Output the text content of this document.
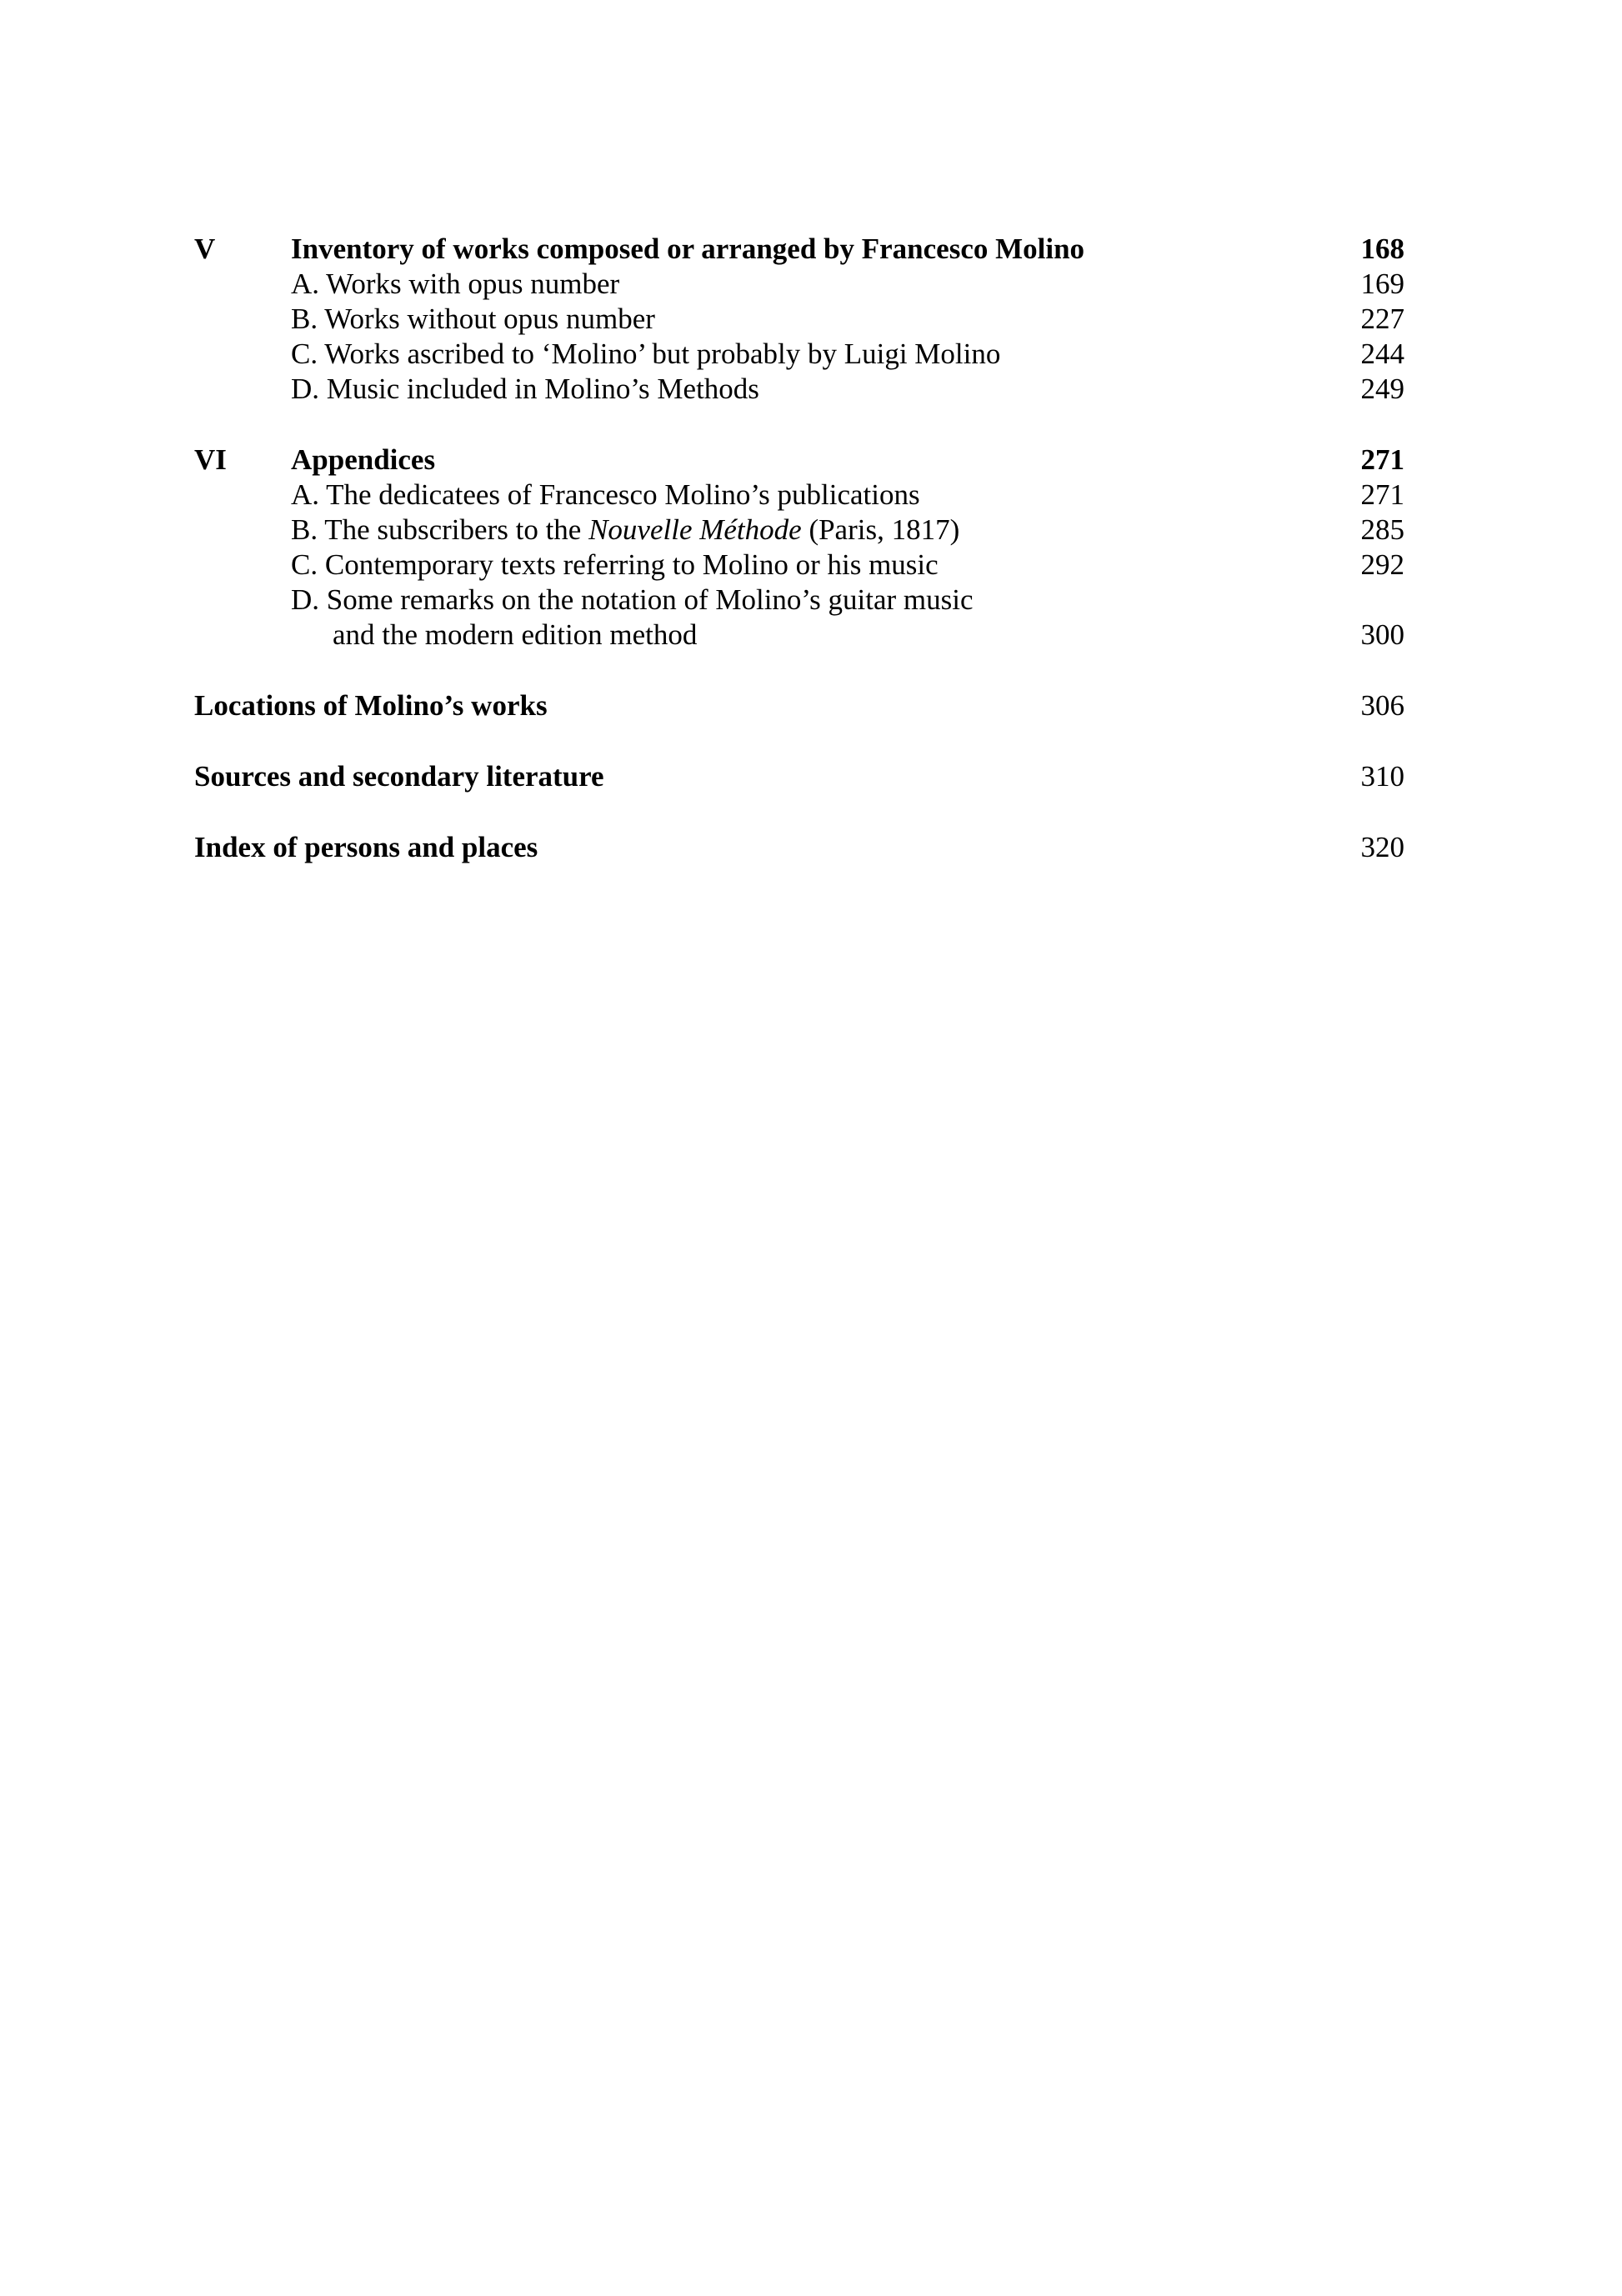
V	Inventory of works composed or arranged by Francesco Molino	168
A. Works with opus number	169
B. Works without opus number	227
C. Works ascribed to ‘Molino’ but probably by Luigi Molino	244
D. Music included in Molino’s Methods	249
VI	Appendices	271
A. The dedicatees of Francesco Molino’s publications	271
B. The subscribers to the Nouvelle Méthode (Paris, 1817)	285
C. Contemporary texts referring to Molino or his music	292
D. Some remarks on the notation of Molino’s guitar music
and the modern edition method	300
Locations of Molino’s works	306
Sources and secondary literature	310
Index of persons and places	320
